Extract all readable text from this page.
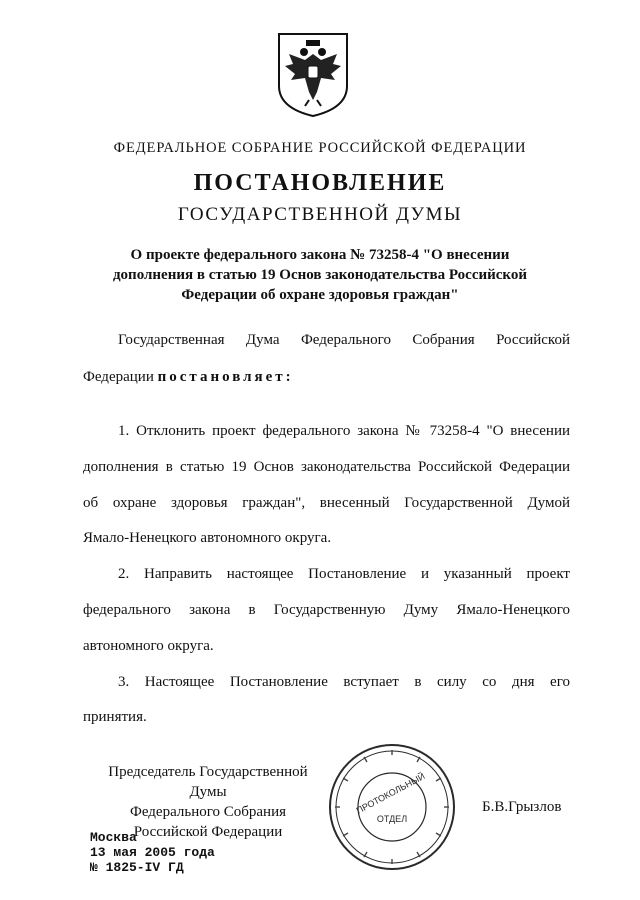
ФЕДЕРАЛЬНОЕ СОБРАНИЕ РОССИЙСКОЙ ФЕДЕРАЦИИ
ПОСТАНОВЛЕНИЕ
ГОСУДАРСТВЕННОЙ ДУМЫ
О проекте федерального закона № 73258-4 "О внесении
дополнения в статью 19 Основ законодательства Российской
Федерации об охране здоровья граждан"
Государственная Дума Федерального Собрания Российской
Федерации постановляет:
1. Отклонить проект федерального закона № 73258-4 "О внесении
дополнения в статью 19 Основ законодательства Российской Федерации
об охране здоровья граждан", внесенный Государственной Думой
Ямало-Ненецкого автономного округа.
2. Направить настоящее Постановление и указанный проект
федерального закона в Государственную Думу Ямало-Ненецкого
автономного округа.
3. Настоящее Постановление вступает в силу со дня его
принятия.
Председатель Государственной Думы
Федерального Собрания
Российской Федерации
Б.В.Грызлов
ПРОТОКОЛЬНЫЙ
ОТДЕЛ
Москва
13 мая 2005 года
№ 1825-IV ГД
